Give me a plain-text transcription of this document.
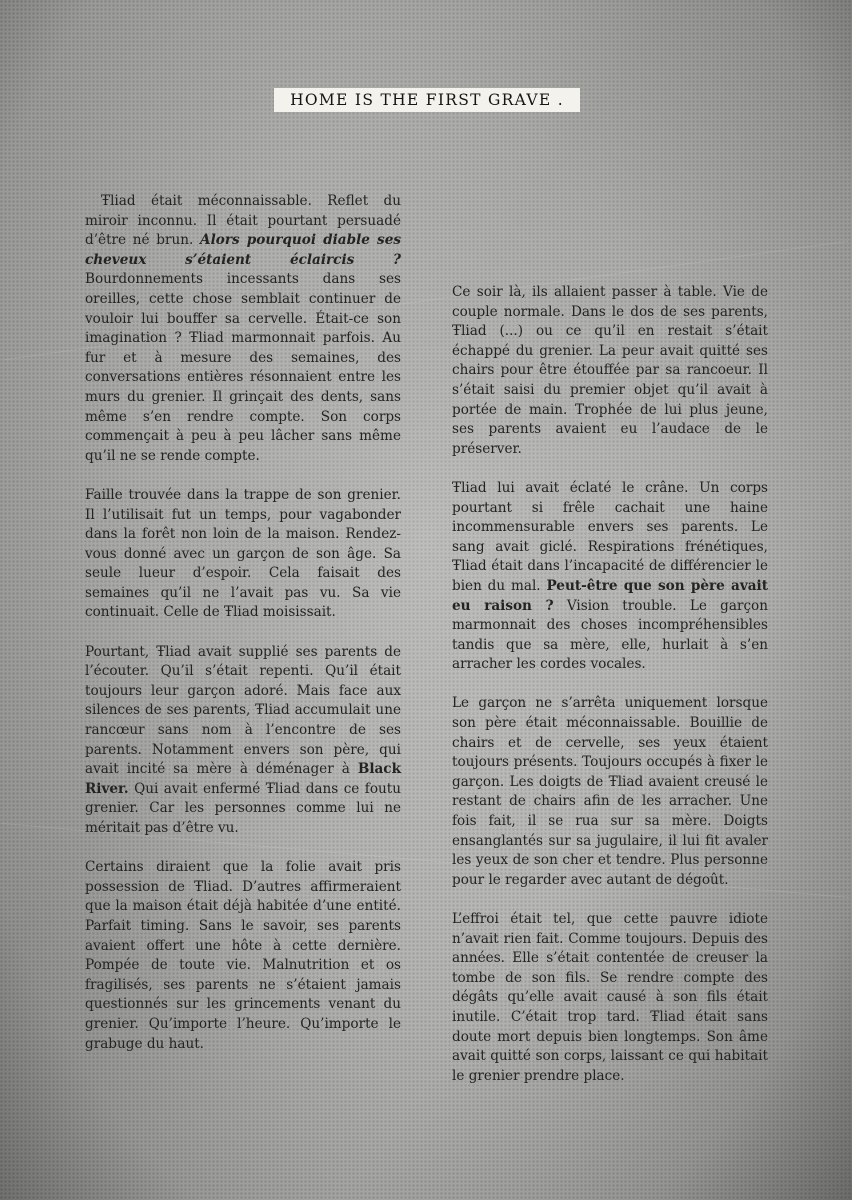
HOME IS THE FIRST GRAVE .

Ŧliad était méconnaissable. Reflet du miroir inconnu. Il était pourtant persuadé d’être né brun. Alors pourquoi diable ses cheveux s’étaient éclaircis ? Bourdonnements incessants dans ses oreilles, cette chose semblait continuer de vouloir lui bouffer sa cervelle. Était-ce son imagination ? Ŧliad marmonnait parfois. Au fur et à mesure des semaines, des conversations entières résonnaient entre les murs du grenier. Il grinçait des dents, sans même s’en rendre compte. Son corps commençait à peu à peu lâcher sans même qu’il ne se rende compte.

Faille trouvée dans la trappe de son grenier. Il l’utilisait fut un temps, pour vagabonder dans la forêt non loin de la maison. Rendez-vous donné avec un garçon de son âge. Sa seule lueur d’espoir. Cela faisait des semaines qu’il ne l’avait pas vu. Sa vie continuait. Celle de Ŧliad moisissait.

Pourtant, Ŧliad avait supplié ses parents de l’écouter. Qu’il s’était repenti. Qu’il était toujours leur garçon adoré. Mais face aux silences de ses parents, Ŧliad accumulait une rancœur sans nom à l’encontre de ses parents. Notamment envers son père, qui avait incité sa mère à déménager à Black River. Qui avait enfermé Ŧliad dans ce foutu grenier. Car les personnes comme lui ne méritait pas d’être vu.

Certains diraient que la folie avait pris possession de Ŧliad. D’autres affirmeraient que la maison était déjà habitée d’une entité. Parfait timing. Sans le savoir, ses parents avaient offert une hôte à cette dernière. Pompée de toute vie. Malnutrition et os fragilisés, ses parents ne s’étaient jamais questionnés sur les grincements venant du grenier. Qu’importe l’heure. Qu’importe le grabuge du haut.

Ce soir là, ils allaient passer à table. Vie de couple normale. Dans le dos de ses parents, Ŧliad (...) ou ce qu’il en restait s’était échappé du grenier. La peur avait quitté ses chairs pour être étouffée par sa rancoeur. Il s’était saisi du premier objet qu’il avait à portée de main. Trophée de lui plus jeune, ses parents avaient eu l’audace de le préserver.

Ŧliad lui avait éclaté le crâne. Un corps pourtant si frêle cachait une haine incommensurable envers ses parents. Le sang avait giclé. Respirations frénétiques, Ŧliad était dans l’incapacité de différencier le bien du mal. Peut-être que son père avait eu raison ? Vision trouble. Le garçon marmonnait des choses incompréhensibles tandis que sa mère, elle, hurlait à s’en arracher les cordes vocales.

Le garçon ne s’arrêta uniquement lorsque son père était méconnaissable. Bouillie de chairs et de cervelle, ses yeux étaient toujours présents. Toujours occupés à fixer le garçon. Les doigts de Ŧliad avaient creusé le restant de chairs afin de les arracher. Une fois fait, il se rua sur sa mère. Doigts ensanglantés sur sa jugulaire, il lui fit avaler les yeux de son cher et tendre. Plus personne pour le regarder avec autant de dégoût.

L’effroi était tel, que cette pauvre idiote n’avait rien fait. Comme toujours. Depuis des années. Elle s’était contentée de creuser la tombe de son fils. Se rendre compte des dégâts qu’elle avait causé à son fils était inutile. C’était trop tard. Ŧliad était sans doute mort depuis bien longtemps. Son âme avait quitté son corps, laissant ce qui habitait le grenier prendre place.
